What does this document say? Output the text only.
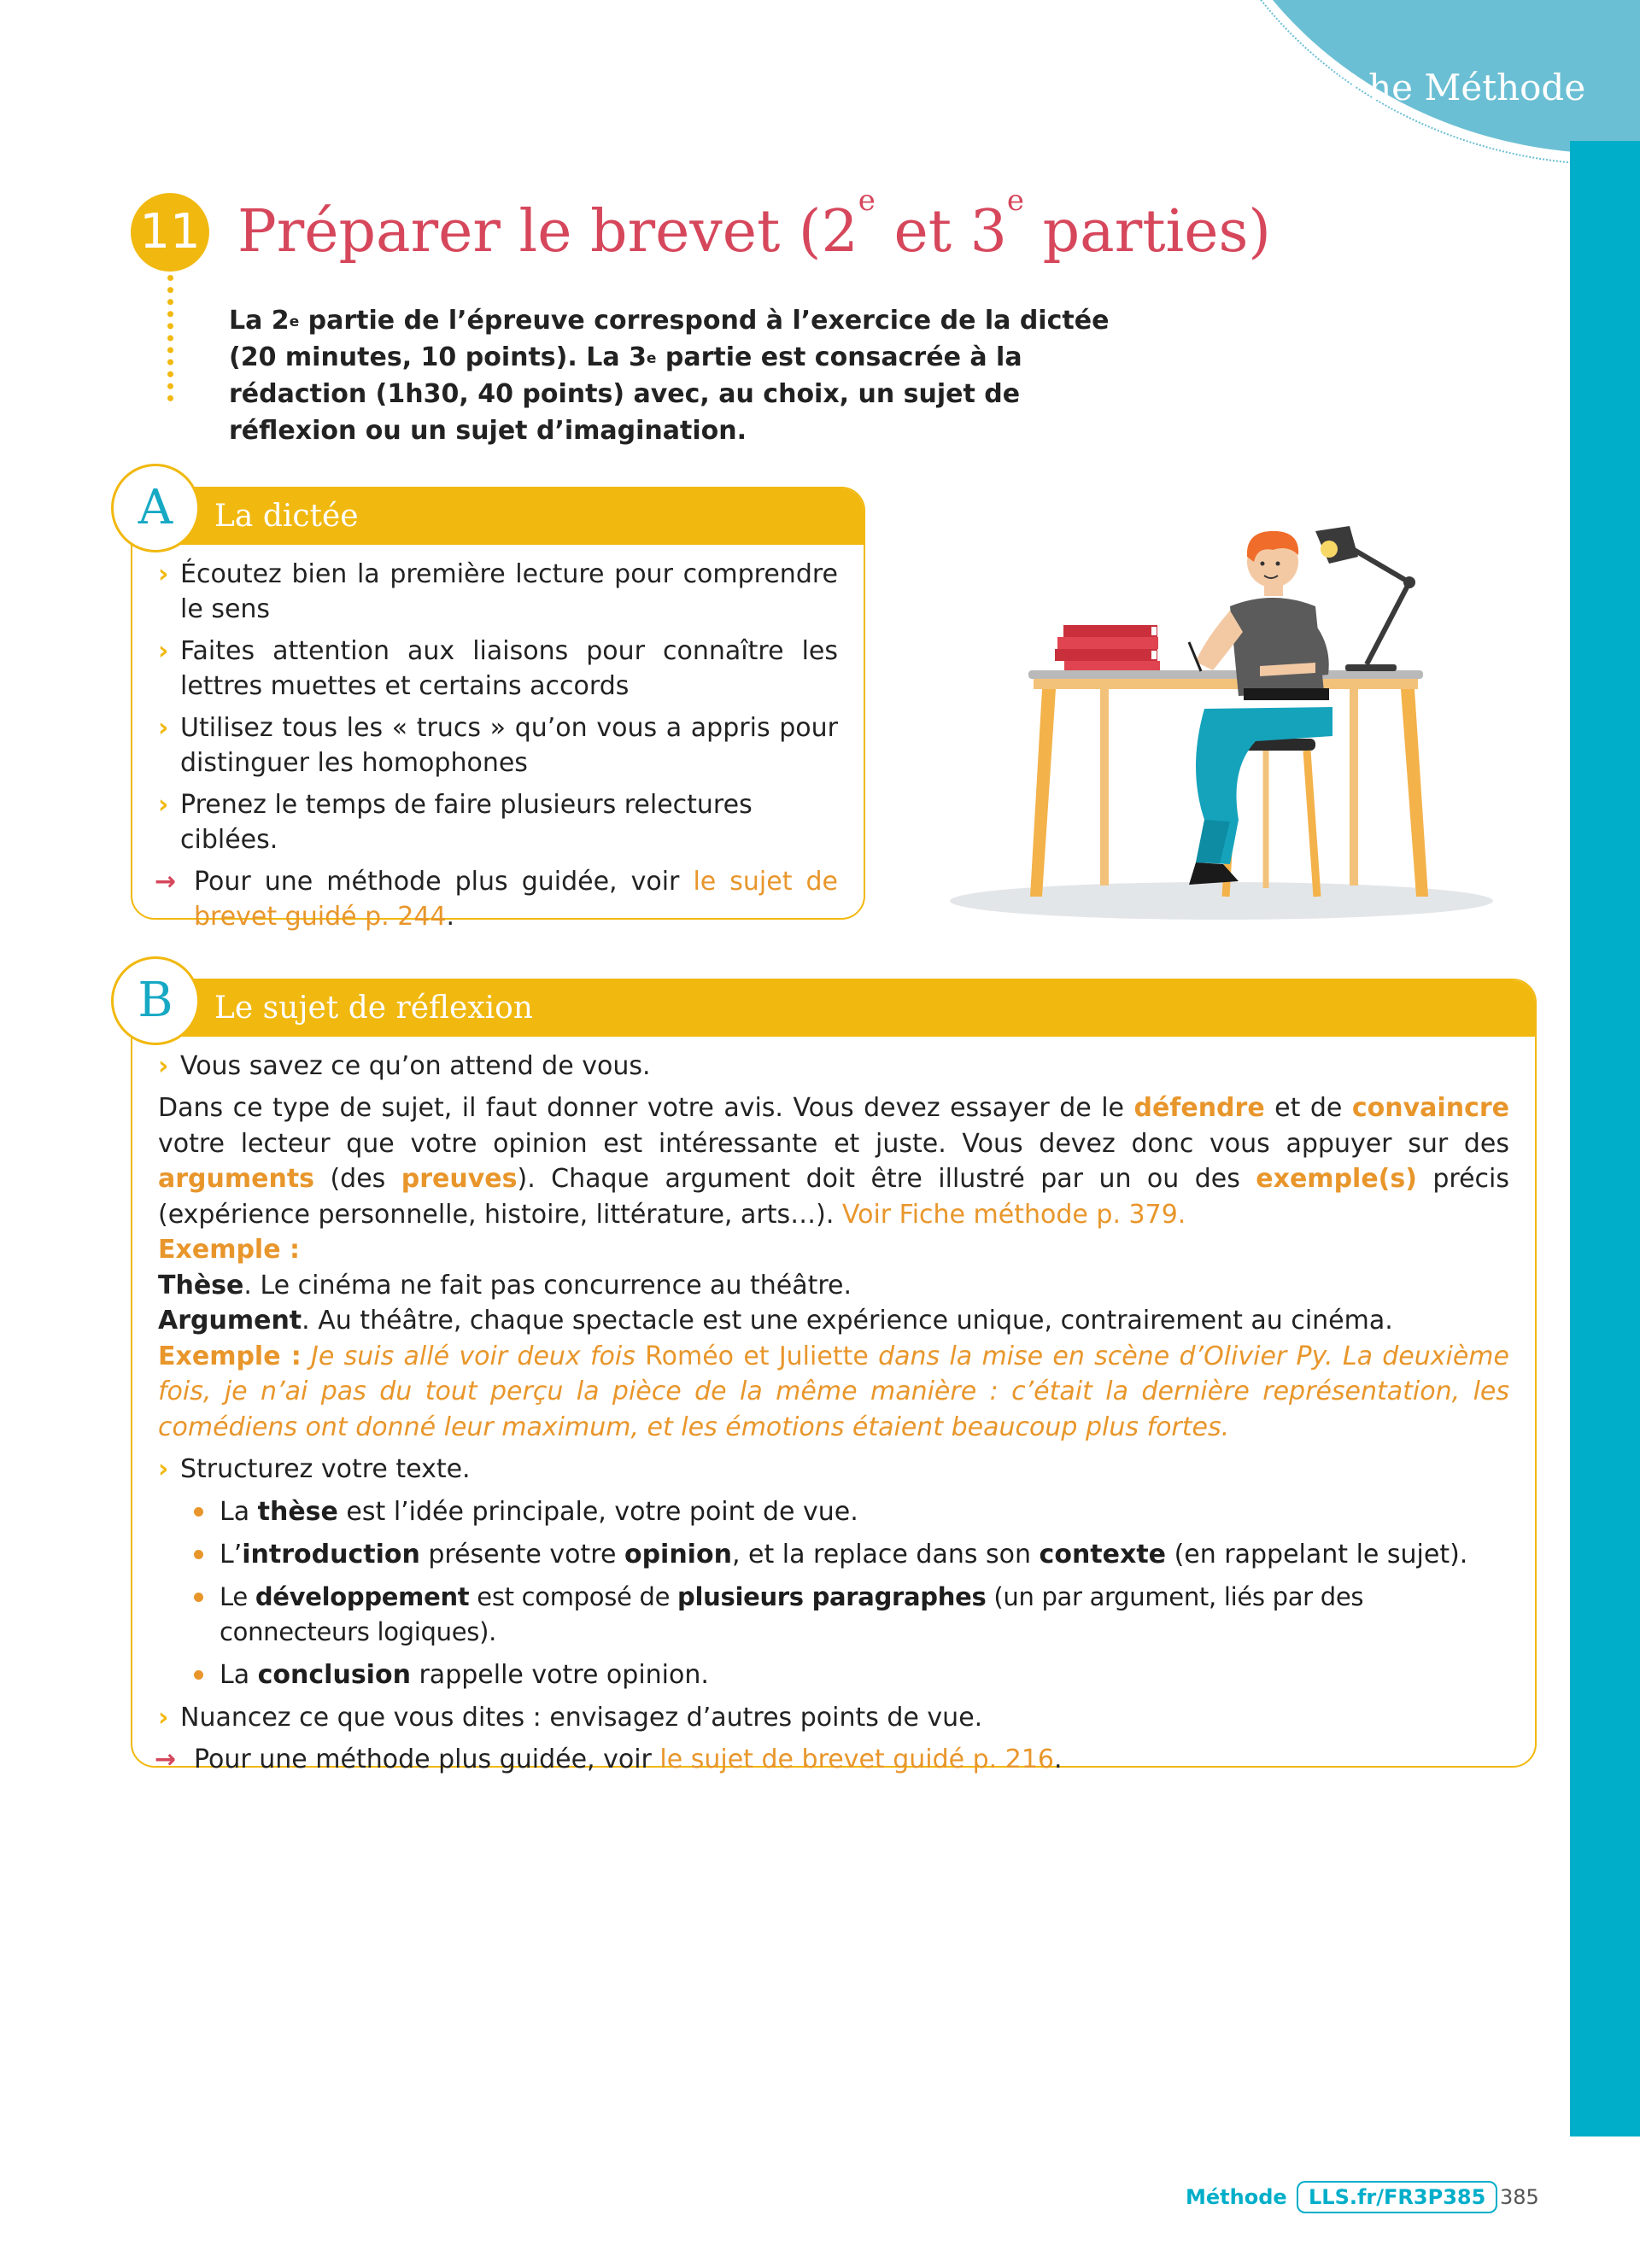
Fiche Méthode
11 Préparer le brevet (2e et 3e parties)
La 2e partie de l’épreuve correspond à l’exercice de la dictée (20 minutes, 10 points). La 3e partie est consacrée à la rédaction (1h30, 40 points) avec, au choix, un sujet de réflexion ou un sujet d’imagination.
La dictée
› Écoutez bien la première lecture pour comprendre le sens
› Faites attention aux liaisons pour connaître les lettres muettes et certains accords
› Utilisez tous les « trucs » qu’on vous a appris pour distinguer les homophones
› Prenez le temps de faire plusieurs relectures ciblées.
→ Pour une méthode plus guidée, voir le sujet de brevet guidé p. 244.
A
Le sujet de réflexion
› Vous savez ce qu’on attend de vous.
Dans ce type de sujet, il faut donner votre avis. Vous devez essayer de le défendre et de convaincre votre lecteur que votre opinion est intéressante et juste. Vous devez donc vous appuyer sur des arguments (des preuves). Chaque argument doit être illustré par un ou des exemple(s) précis (expérience personnelle, histoire, littérature, arts…). Voir Fiche méthode p. 379.
Exemple :
Thèse. Le cinéma ne fait pas concurrence au théâtre.
Argument. Au théâtre, chaque spectacle est une expérience unique, contrairement au cinéma.
Exemple : Je suis allé voir deux fois Roméo et Juliette dans la mise en scène d’Olivier Py. La deuxième fois, je n’ai pas du tout perçu la pièce de la même manière : c’était la dernière représentation, les comédiens ont donné leur maximum, et les émotions étaient beaucoup plus fortes.
› Structurez votre texte.
La thèse est l’idée principale, votre point de vue.
L’introduction présente votre opinion, et la replace dans son contexte (en rappelant le sujet).
Le développement est composé de plusieurs paragraphes (un par argument, liés par des connecteurs logiques).
La conclusion rappelle votre opinion.
› Nuancez ce que vous dites : envisagez d’autres points de vue.
→ Pour une méthode plus guidée, voir le sujet de brevet guidé p. 216.
B
Méthode	LLS.fr/FR3P385 385
